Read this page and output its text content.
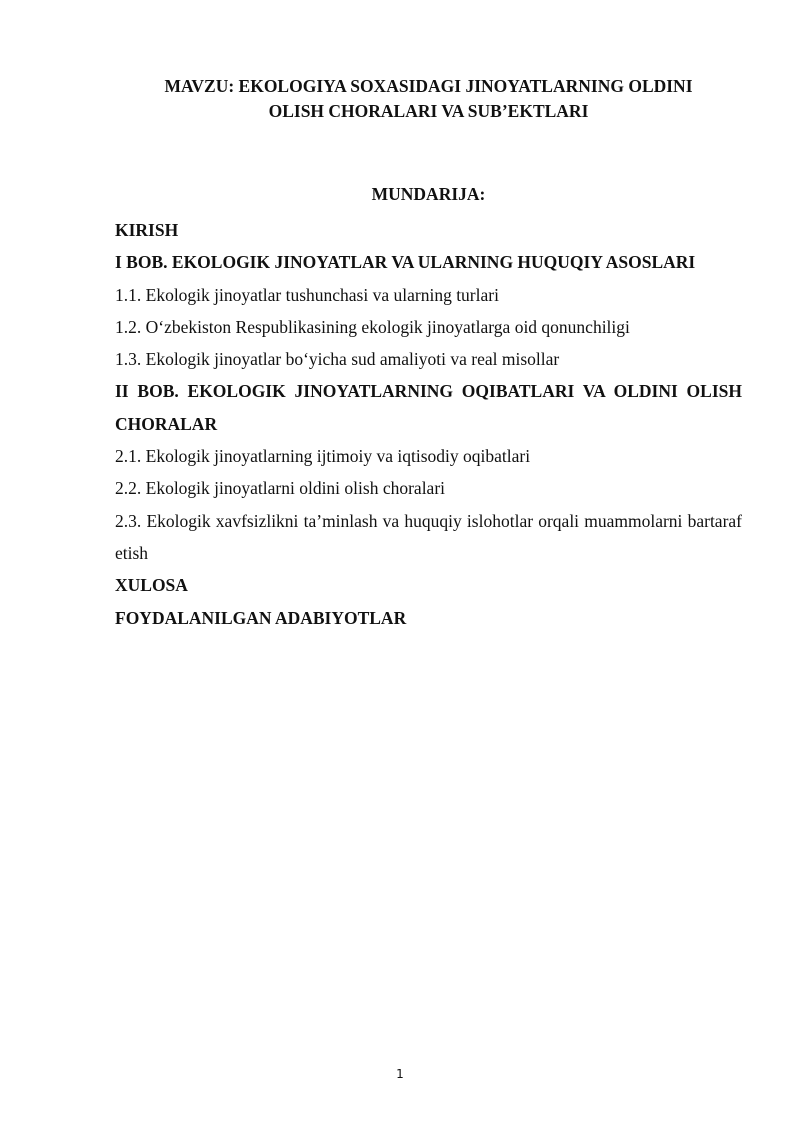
MAVZU: EKOLOGIYA SOXASIDAGI JINOYATLARNING OLDINI
OLISH CHORALARI VA SUB’EKTLARI
MUNDARIJA:
KIRISH
I BOB. EKOLOGIK JINOYATLAR VA ULARNING HUQUQIY ASOSLARI
1.1. Ekologik jinoyatlar tushunchasi va ularning turlari
1.2. O‘zbekiston Respublikasining ekologik jinoyatlarga oid qonunchiligi
1.3. Ekologik jinoyatlar bo‘yicha sud amaliyoti va real misollar
II BOB. EKOLOGIK JINOYATLARNING OQIBATLARI VA OLDINI OLISH CHORALAR
2.1. Ekologik jinoyatlarning ijtimoiy va iqtisodiy oqibatlari
2.2. Ekologik jinoyatlarni oldini olish choralari
2.3. Ekologik xavfsizlikni ta’minlash va huquqiy islohotlar orqali muammolarni bartaraf etish
XULOSA
FOYDALANILGAN ADABIYOTLAR
1
